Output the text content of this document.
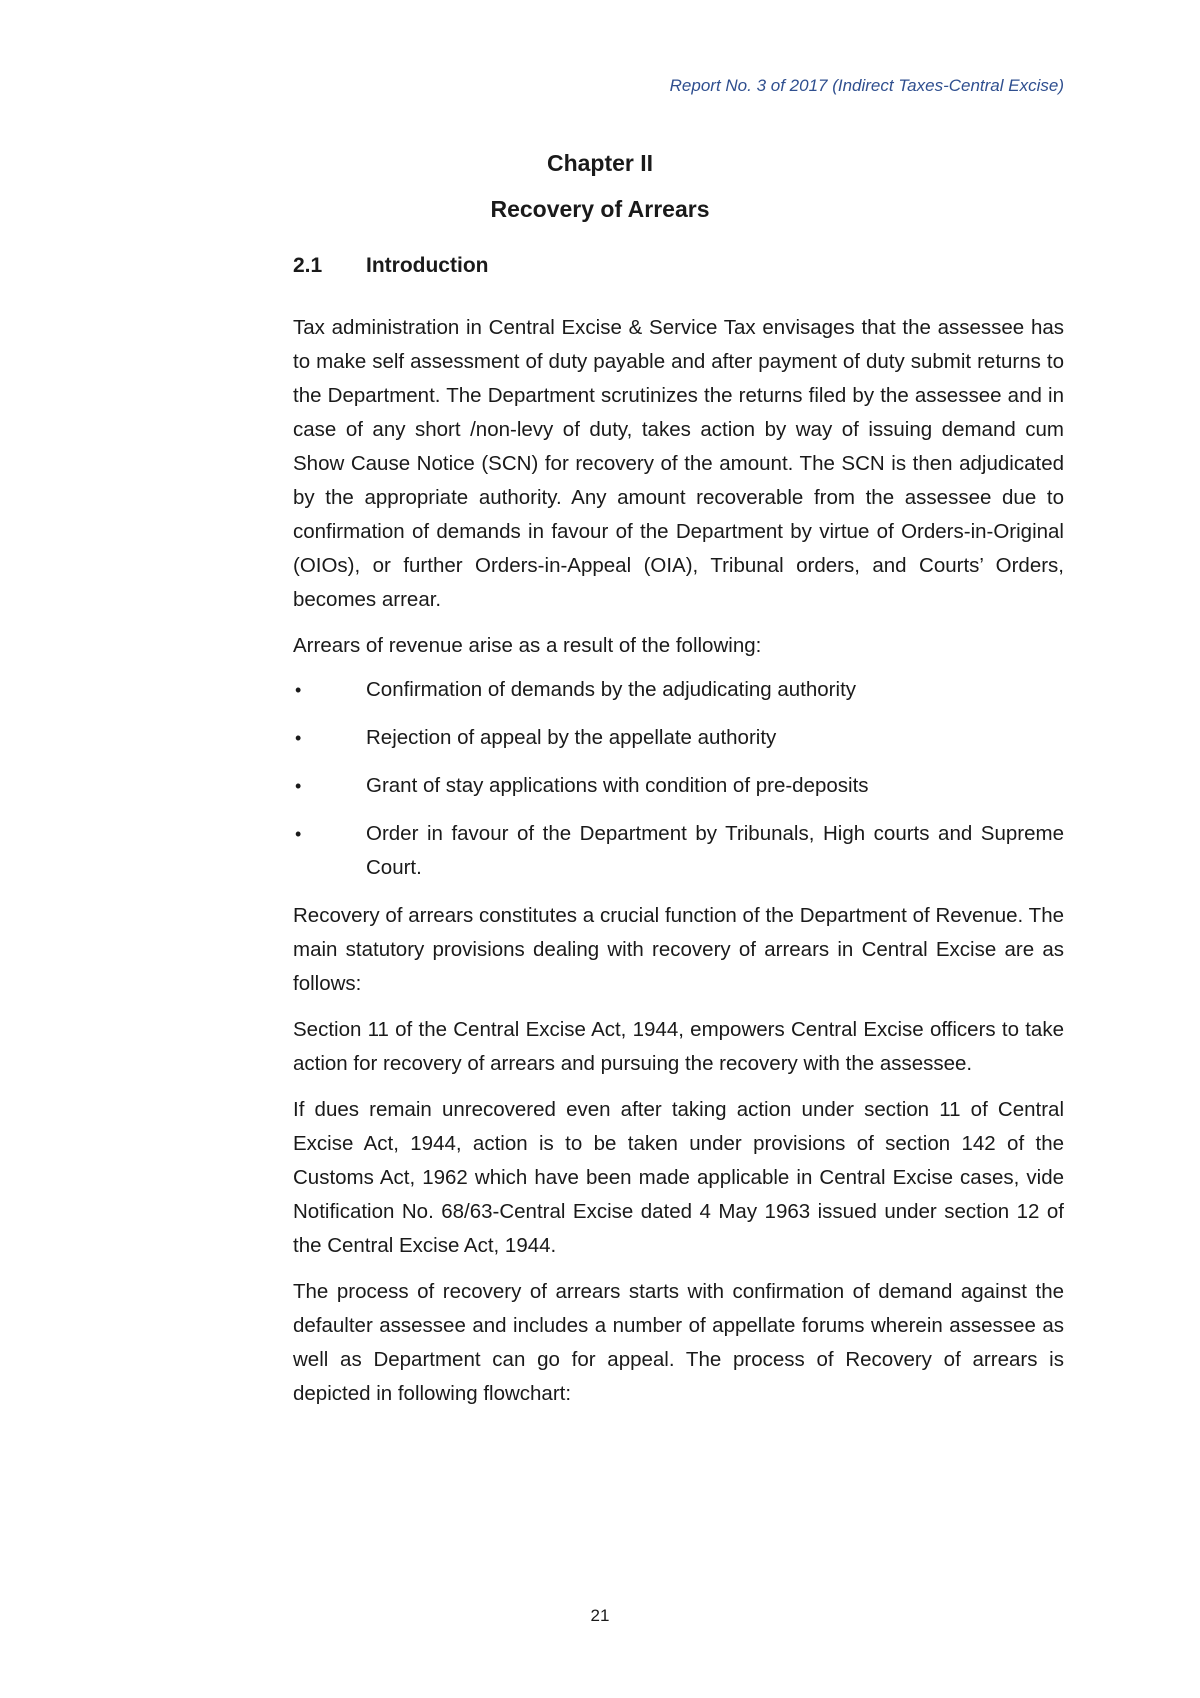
Report No. 3 of 2017 (Indirect Taxes-Central Excise)
Chapter II
Recovery of Arrears
2.1 Introduction

Tax administration in Central Excise & Service Tax envisages that the assessee has to make self assessment of duty payable and after payment of duty submit returns to the Department. The Department scrutinizes the returns filed by the assessee and in case of any short /non-levy of duty, takes action by way of issuing demand cum Show Cause Notice (SCN) for recovery of the amount. The SCN is then adjudicated by the appropriate authority. Any amount recoverable from the assessee due to confirmation of demands in favour of the Department by virtue of Orders-in-Original (OIOs), or further Orders-in-Appeal (OIA), Tribunal orders, and Courts’ Orders, becomes arrear.

Arrears of revenue arise as a result of the following:

•	Confirmation of demands by the adjudicating authority
•	Rejection of appeal by the appellate authority
•	Grant of stay applications with condition of pre-deposits
•	Order in favour of the Department by Tribunals, High courts and Supreme Court.

Recovery of arrears constitutes a crucial function of the Department of Revenue. The main statutory provisions dealing with recovery of arrears in Central Excise are as follows:

Section 11 of the Central Excise Act, 1944, empowers Central Excise officers to take action for recovery of arrears and pursuing the recovery with the assessee.

If dues remain unrecovered even after taking action under section 11 of Central Excise Act, 1944, action is to be taken under provisions of section 142 of the Customs Act, 1962 which have been made applicable in Central Excise cases, vide Notification No. 68/63-Central Excise dated 4 May 1963 issued under section 12 of the Central Excise Act, 1944.

The process of recovery of arrears starts with confirmation of demand against the defaulter assessee and includes a number of appellate forums wherein assessee as well as Department can go for appeal. The process of Recovery of arrears is depicted in following flowchart:

21
